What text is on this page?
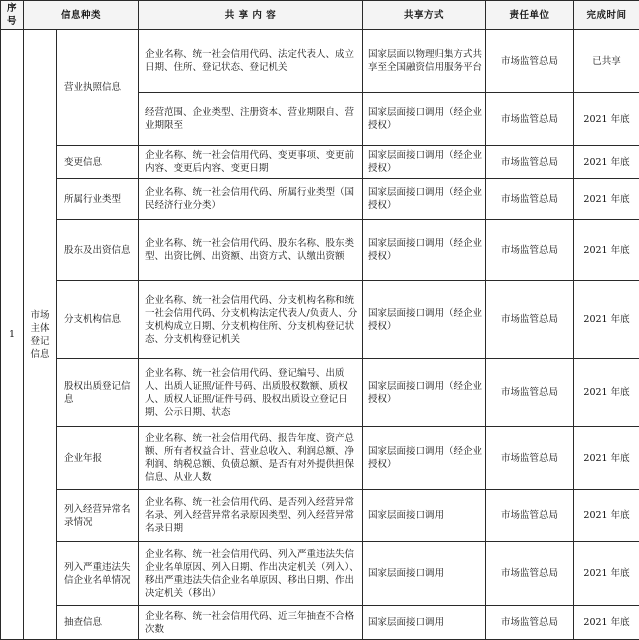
序号	信息种类		共 享 内 容	共享方式	责任单位	完成时间
1	市场主体登记信息	营业执照信息	企业名称、统一社会信用代码、法定代表人、成立日期、住所、登记状态、登记机关	国家层面以物理归集方式共享至全国融资信用服务平台	市场监管总局	已共享
			经营范围、企业类型、注册资本、营业期限自、营业期限至	国家层面接口调用（经企业授权）	市场监管总局	2021 年底
		变更信息	企业名称、统一社会信用代码、变更事项、变更前内容、变更后内容、变更日期	国家层面接口调用（经企业授权）	市场监管总局	2021 年底
		所属行业类型	企业名称、统一社会信用代码、所属行业类型（国民经济行业分类）	国家层面接口调用（经企业授权）	市场监管总局	2021 年底
		股东及出资信息	企业名称、统一社会信用代码、股东名称、股东类型、出资比例、出资额、出资方式、认缴出资额	国家层面接口调用（经企业授权）	市场监管总局	2021 年底
		分支机构信息	企业名称、统一社会信用代码、分支机构名称和统一社会信用代码、分支机构法定代表人/负责人、分支机构成立日期、分支机构住所、分支机构登记状态、分支机构登记机关	国家层面接口调用（经企业授权）	市场监管总局	2021 年底
		股权出质登记信息	企业名称、统一社会信用代码、登记编号、出质人、出质人证照/证件号码、出质股权数额、质权人、质权人证照/证件号码、股权出质设立登记日期、公示日期、状态	国家层面接口调用（经企业授权）	市场监管总局	2021 年底
		企业年报	企业名称、统一社会信用代码、报告年度、资产总额、所有者权益合计、营业总收入、利润总额、净利润、纳税总额、负债总额、是否有对外提供担保信息、从业人数	国家层面接口调用（经企业授权）	市场监管总局	2021 年底
		列入经营异常名录情况	企业名称、统一社会信用代码、是否列入经营异常名录、列入经营异常名录原因类型、列入经营异常名录日期	国家层面接口调用	市场监管总局	2021 年底
		列入严重违法失信企业名单情况	企业名称、统一社会信用代码、列入严重违法失信企业名单原因、列入日期、作出决定机关（列入）、移出严重违法失信企业名单原因、移出日期、作出决定机关（移出）	国家层面接口调用	市场监管总局	2021 年底
		抽查信息	企业名称、统一社会信用代码、近三年抽查不合格次数	国家层面接口调用	市场监管总局	2021 年底
